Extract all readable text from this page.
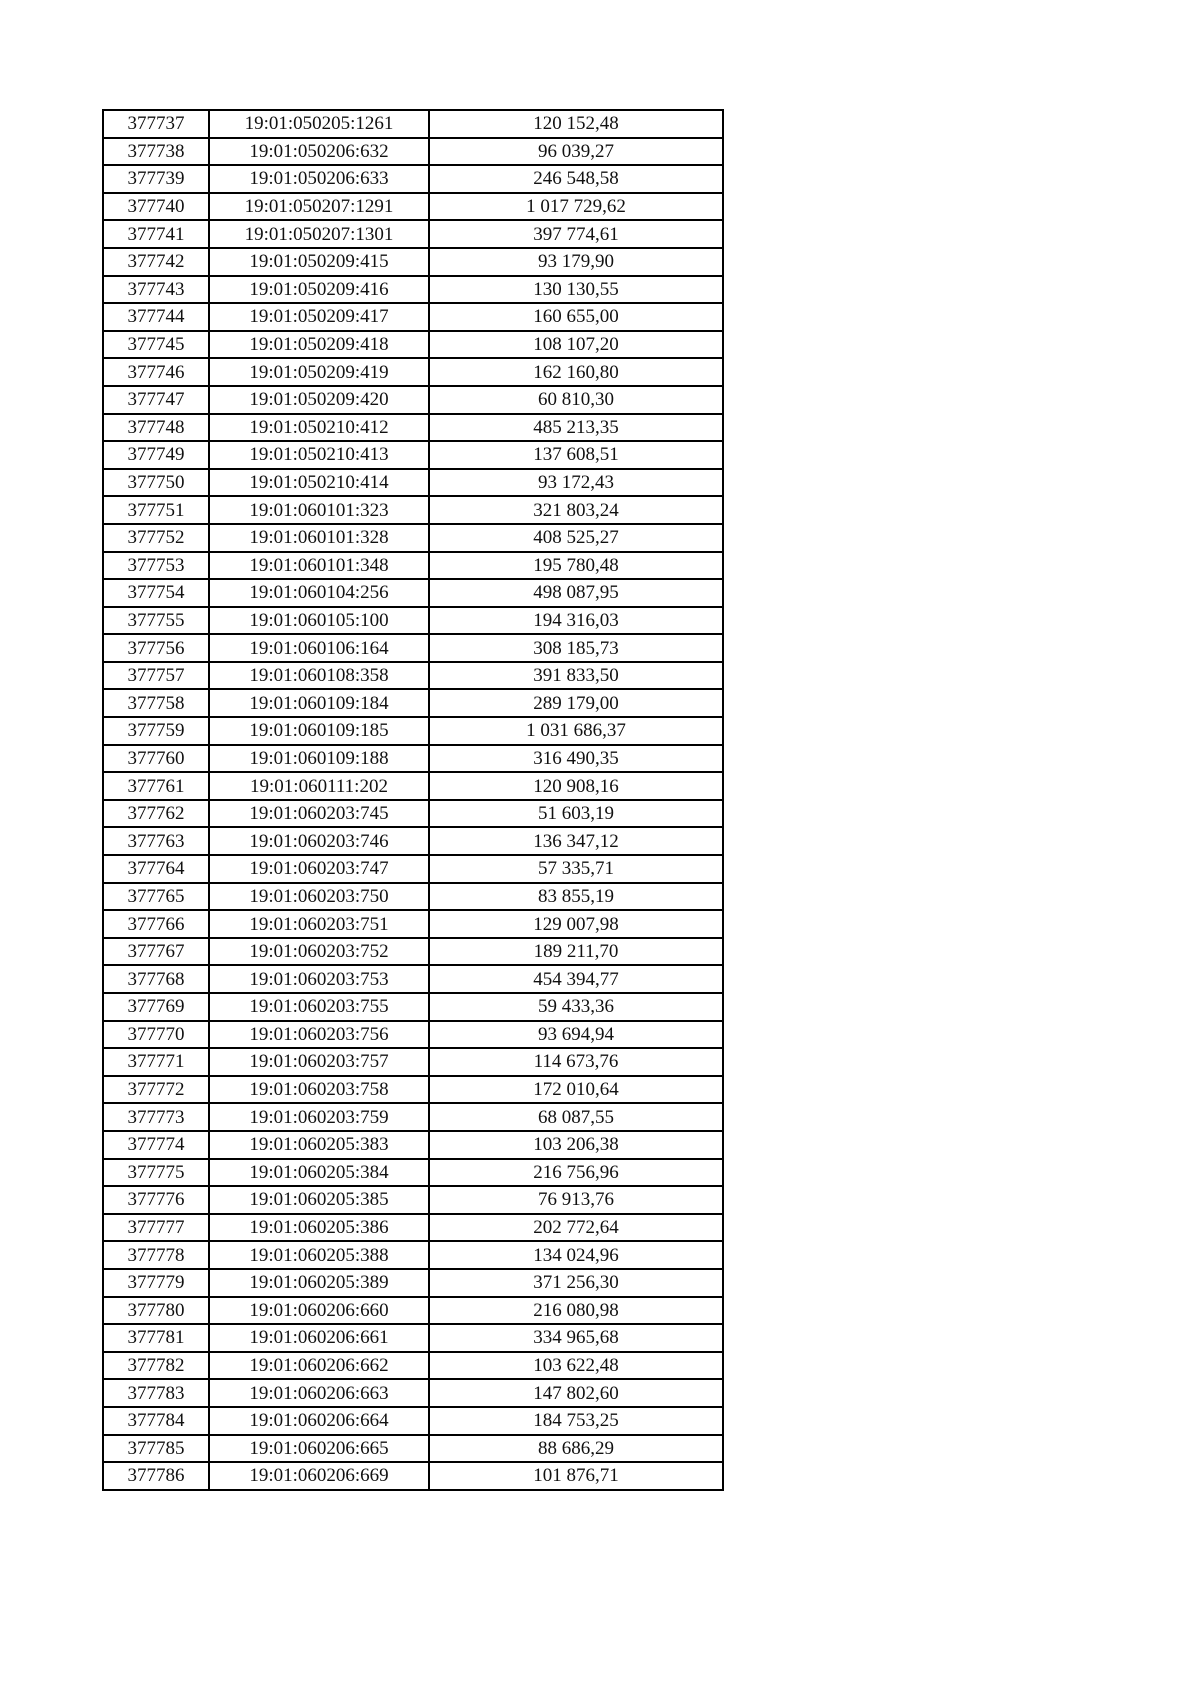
377737	19:01:050205:1261	120 152,48
377738	19:01:050206:632	96 039,27
377739	19:01:050206:633	246 548,58
377740	19:01:050207:1291	1 017 729,62
377741	19:01:050207:1301	397 774,61
377742	19:01:050209:415	93 179,90
377743	19:01:050209:416	130 130,55
377744	19:01:050209:417	160 655,00
377745	19:01:050209:418	108 107,20
377746	19:01:050209:419	162 160,80
377747	19:01:050209:420	60 810,30
377748	19:01:050210:412	485 213,35
377749	19:01:050210:413	137 608,51
377750	19:01:050210:414	93 172,43
377751	19:01:060101:323	321 803,24
377752	19:01:060101:328	408 525,27
377753	19:01:060101:348	195 780,48
377754	19:01:060104:256	498 087,95
377755	19:01:060105:100	194 316,03
377756	19:01:060106:164	308 185,73
377757	19:01:060108:358	391 833,50
377758	19:01:060109:184	289 179,00
377759	19:01:060109:185	1 031 686,37
377760	19:01:060109:188	316 490,35
377761	19:01:060111:202	120 908,16
377762	19:01:060203:745	51 603,19
377763	19:01:060203:746	136 347,12
377764	19:01:060203:747	57 335,71
377765	19:01:060203:750	83 855,19
377766	19:01:060203:751	129 007,98
377767	19:01:060203:752	189 211,70
377768	19:01:060203:753	454 394,77
377769	19:01:060203:755	59 433,36
377770	19:01:060203:756	93 694,94
377771	19:01:060203:757	114 673,76
377772	19:01:060203:758	172 010,64
377773	19:01:060203:759	68 087,55
377774	19:01:060205:383	103 206,38
377775	19:01:060205:384	216 756,96
377776	19:01:060205:385	76 913,76
377777	19:01:060205:386	202 772,64
377778	19:01:060205:388	134 024,96
377779	19:01:060205:389	371 256,30
377780	19:01:060206:660	216 080,98
377781	19:01:060206:661	334 965,68
377782	19:01:060206:662	103 622,48
377783	19:01:060206:663	147 802,60
377784	19:01:060206:664	184 753,25
377785	19:01:060206:665	88 686,29
377786	19:01:060206:669	101 876,71
